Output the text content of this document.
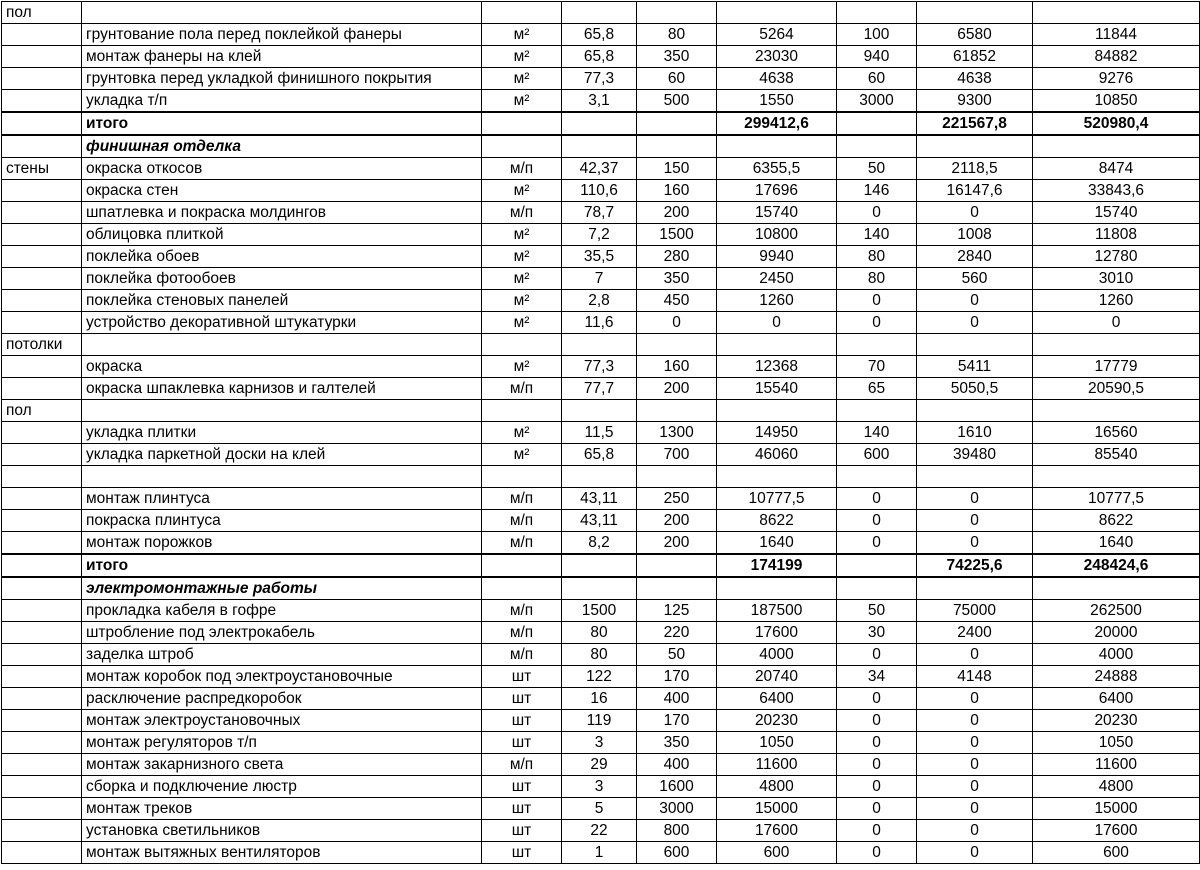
пол								
	грунтование пола перед поклейкой фанеры	м²	65,8	80	5264	100	6580	11844
	монтаж фанеры на клей	м²	65,8	350	23030	940	61852	84882
	грунтовка перед укладкой финишного покрытия	м²	77,3	60	4638	60	4638	9276
	укладка т/п	м²	3,1	500	1550	3000	9300	10850
	итого				299412,6		221567,8	520980,4
	финишная отделка							
стены	окраска откосов	м/п	42,37	150	6355,5	50	2118,5	8474
	окраска стен	м²	110,6	160	17696	146	16147,6	33843,6
	шпатлевка и покраска молдингов	м/п	78,7	200	15740	0	0	15740
	облицовка плиткой	м²	7,2	1500	10800	140	1008	11808
	поклейка обоев	м²	35,5	280	9940	80	2840	12780
	поклейка фотообоев	м²	7	350	2450	80	560	3010
	поклейка стеновых панелей	м²	2,8	450	1260	0	0	1260
	устройство декоративной штукатурки	м²	11,6	0	0	0	0	0
потолки								
	окраска	м²	77,3	160	12368	70	5411	17779
	окраска шпаклевка карнизов и галтелей	м/п	77,7	200	15540	65	5050,5	20590,5
пол								
	укладка плитки	м²	11,5	1300	14950	140	1610	16560
	укладка паркетной доски на клей	м²	65,8	700	46060	600	39480	85540

	монтаж плинтуса	м/п	43,11	250	10777,5	0	0	10777,5
	покраска плинтуса	м/п	43,11	200	8622	0	0	8622
	монтаж порожков	м/п	8,2	200	1640	0	0	1640
	итого				174199		74225,6	248424,6
	электромонтажные работы							
	прокладка кабеля в гофре	м/п	1500	125	187500	50	75000	262500
	штробление под электрокабель	м/п	80	220	17600	30	2400	20000
	заделка штроб	м/п	80	50	4000	0	0	4000
	монтаж коробок под электроустановочные	шт	122	170	20740	34	4148	24888
	расключение распредкоробок	шт	16	400	6400	0	0	6400
	монтаж электроустановочных	шт	119	170	20230	0	0	20230
	монтаж регуляторов т/п	шт	3	350	1050	0	0	1050
	монтаж закарнизного света	м/п	29	400	11600	0	0	11600
	сборка и подключение люстр	шт	3	1600	4800	0	0	4800
	монтаж треков	шт	5	3000	15000	0	0	15000
	установка светильников	шт	22	800	17600	0	0	17600
	монтаж вытяжных вентиляторов	шт	1	600	600	0	0	600
